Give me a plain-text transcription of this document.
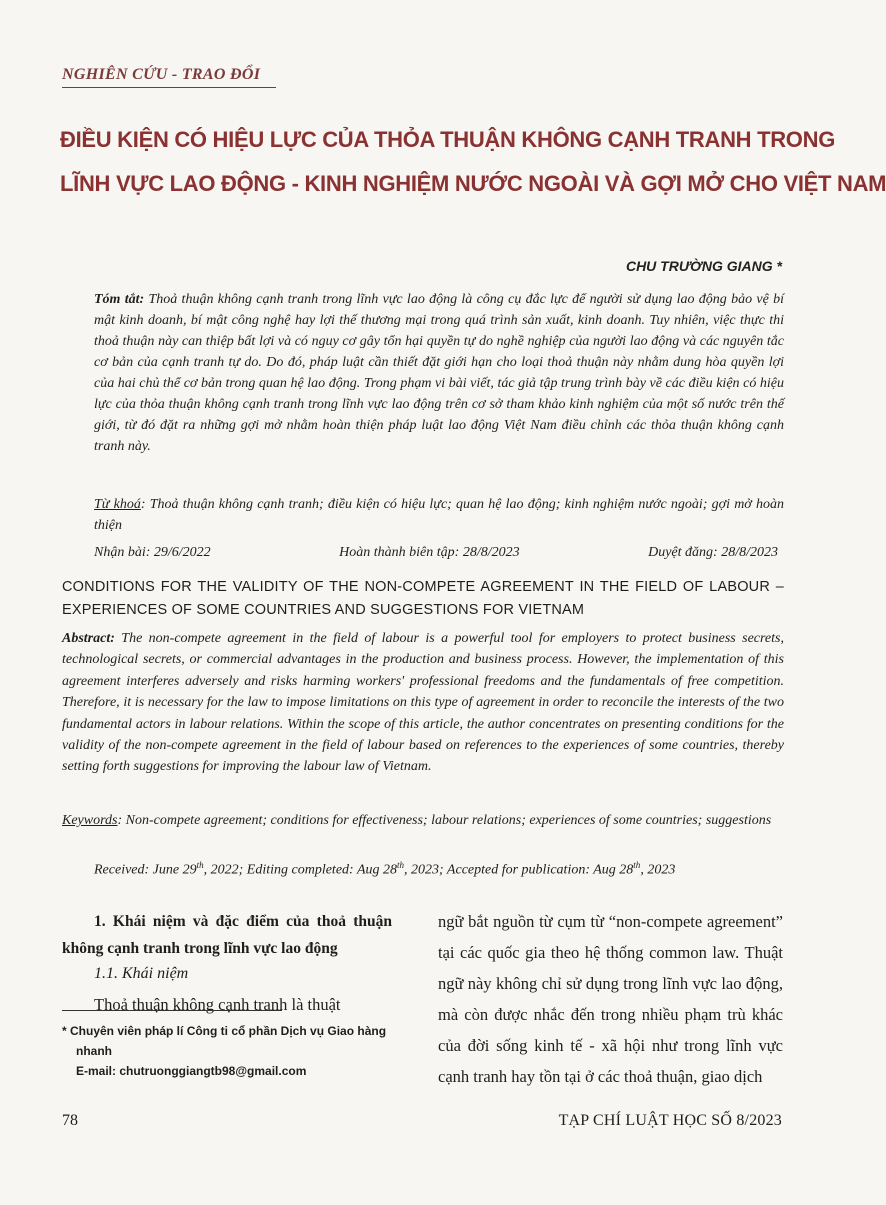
NGHIÊN CỨU - TRAO ĐỔI
ĐIỀU KIỆN CÓ HIỆU LỰC CỦA THỎA THUẬN KHÔNG CẠNH TRANH TRONG
LĨNH VỰC LAO ĐỘNG - KINH NGHIỆM NƯỚC NGOÀI VÀ GỢI MỞ CHO VIỆT NAM
CHU TRƯỜNG GIANG *
Tóm tắt: Thoả thuận không cạnh tranh trong lĩnh vực lao động là công cụ đắc lực để người sử dụng lao động bảo vệ bí mật kinh doanh, bí mật công nghệ hay lợi thế thương mại trong quá trình sản xuất, kinh doanh. Tuy nhiên, việc thực thi thoả thuận này can thiệp bất lợi và có nguy cơ gây tổn hại quyền tự do nghề nghiệp của người lao động và các nguyên tắc cơ bản của cạnh tranh tự do. Do đó, pháp luật cần thiết đặt giới hạn cho loại thoả thuận này nhằm dung hòa quyền lợi của hai chủ thể cơ bản trong quan hệ lao động. Trong phạm vi bài viết, tác giả tập trung trình bày về các điều kiện có hiệu lực của thỏa thuận không cạnh tranh trong lĩnh vực lao động trên cơ sở tham khảo kinh nghiệm của một số nước trên thế giới, từ đó đặt ra những gợi mở nhằm hoàn thiện pháp luật lao động Việt Nam điều chỉnh các thỏa thuận không cạnh tranh này.
Từ khoá: Thoả thuận không cạnh tranh; điều kiện có hiệu lực; quan hệ lao động; kinh nghiệm nước ngoài; gợi mở hoàn thiện
Nhận bài: 29/6/2022	Hoàn thành biên tập: 28/8/2023	Duyệt đăng: 28/8/2023
CONDITIONS FOR THE VALIDITY OF THE NON-COMPETE AGREEMENT IN THE FIELD OF LABOUR – EXPERIENCES OF SOME COUNTRIES AND SUGGESTIONS FOR VIETNAM
Abstract: The non-compete agreement in the field of labour is a powerful tool for employers to protect business secrets, technological secrets, or commercial advantages in the production and business process. However, the implementation of this agreement interferes adversely and risks harming workers' professional freedoms and the fundamentals of free competition. Therefore, it is necessary for the law to impose limitations on this type of agreement in order to reconcile the interests of the two fundamental actors in labour relations. Within the scope of this article, the author concentrates on presenting conditions for the validity of the non-compete agreement in the field of labour based on references to the experiences of some countries, thereby setting forth suggestions for improving the labour law of Vietnam.
Keywords: Non-compete agreement; conditions for effectiveness; labour relations; experiences of some countries; suggestions
Received: June 29th, 2022; Editing completed: Aug 28th, 2023; Accepted for publication: Aug 28th, 2023
1. Khái niệm và đặc điểm của thoả thuận không cạnh tranh trong lĩnh vực lao động
1.1. Khái niệm
Thoả thuận không cạnh tranh là thuật
ngữ bắt nguồn từ cụm từ “non-compete agreement” tại các quốc gia theo hệ thống common law. Thuật ngữ này không chỉ sử dụng trong lĩnh vực lao động, mà còn được nhắc đến trong nhiều phạm trù khác của đời sống kinh tế - xã hội như trong lĩnh vực cạnh tranh hay tồn tại ở các thoả thuận, giao dịch
* Chuyên viên pháp lí Công ti cổ phần Dịch vụ Giao hàng nhanh
E-mail: chutruonggiangtb98@gmail.com
78	TẠP CHÍ LUẬT HỌC SỐ 8/2023
